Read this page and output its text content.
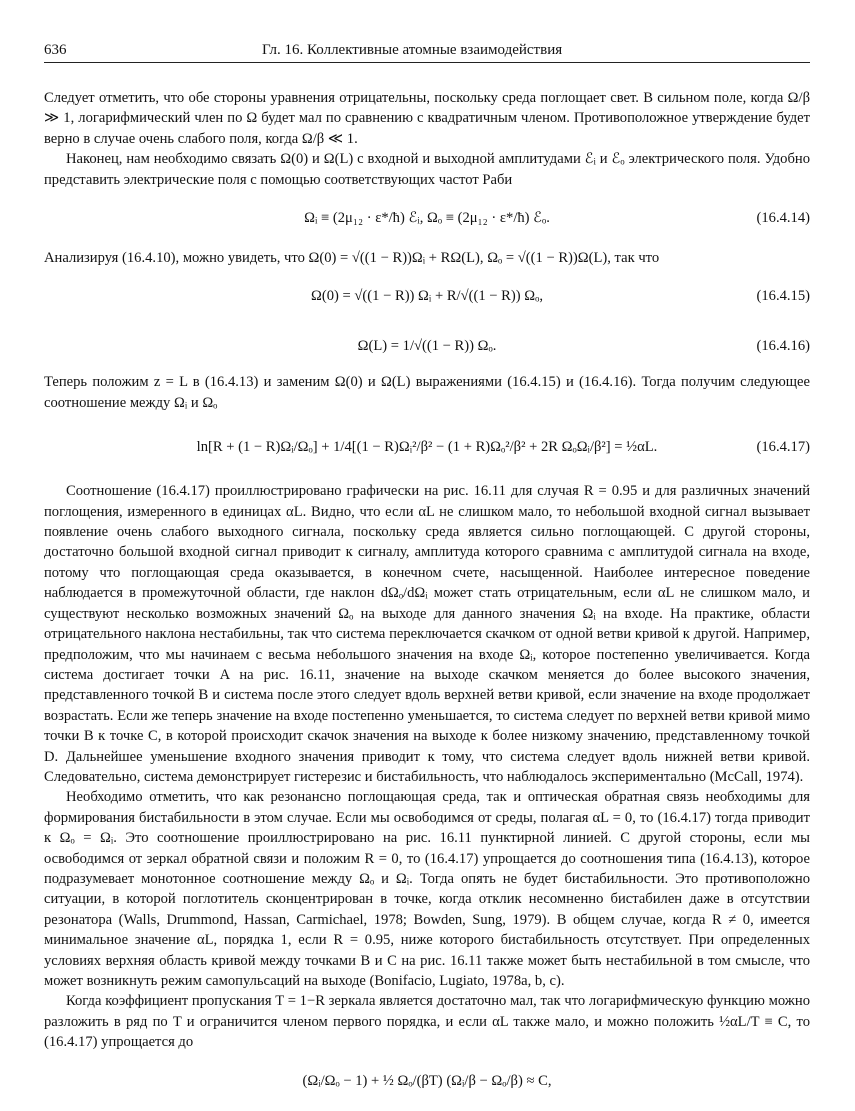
636	Гл. 16. Коллективные атомные взаимодействия

Следует отметить, что обе стороны уравнения отрицательны, поскольку среда поглощает свет. В сильном поле, когда Ω/β ≫ 1, логарифмический член по Ω будет мал по сравнению с квадратичным членом. Противоположное утверждение будет верно в случае очень слабого поля, когда Ω/β ≪ 1.

Наконец, нам необходимо связать Ω(0) и Ω(L) с входной и выходной амплитудами ℰᵢ и ℰₒ электрического поля. Удобно представить электрические поля с помощью соответствующих частот Раби

Ωᵢ ≡ (2μ₁₂ · ε*/ħ) ℰᵢ, Ωₒ ≡ (2μ₁₂ · ε*/ħ) ℰₒ.	(16.4.14)

Анализируя (16.4.10), можно увидеть, что Ω(0) = √((1 − R))Ωᵢ + RΩ(L), Ωₒ = √((1 − R))Ω(L), так что

Ω(0) = √((1 − R)) Ωᵢ + R/√((1 − R)) Ωₒ,	(16.4.15)
Ω(L) = 1/√((1 − R)) Ωₒ.	(16.4.16)

Теперь положим z = L в (16.4.13) и заменим Ω(0) и Ω(L) выражениями (16.4.15) и (16.4.16). Тогда получим следующее соотношение между Ωᵢ и Ωₒ

ln[R + (1 − R)Ωᵢ/Ωₒ] + 1/4[(1 − R)Ωᵢ²/β² − (1 + R)Ωₒ²/β² + 2R ΩₒΩᵢ/β²] = ½αL.	(16.4.17)

Соотношение (16.4.17) проиллюстрировано графически на рис. 16.11 для случая R = 0.95 и для различных значений поглощения, измеренного в единицах αL. Видно, что если αL не слишком мало, то небольшой входной сигнал вызывает появление очень слабого выходного сигнала, поскольку среда является сильно поглощающей. С другой стороны, достаточно большой входной сигнал приводит к сигналу, амплитуда которого сравнима с амплитудой сигнала на входе, потому что поглощающая среда оказывается, в конечном счете, насыщенной. Наиболее интересное поведение наблюдается в промежуточной области, где наклон dΩₒ/dΩᵢ может стать отрицательным, если αL не слишком мало, и существуют несколько возможных значений Ωₒ на выходе для данного значения Ωᵢ на входе. На практике, области отрицательного наклона нестабильны, так что система переключается скачком от одной ветви кривой к другой. Например, предположим, что мы начинаем с весьма небольшого значения на входе Ωᵢ, которое постепенно увеличивается. Когда система достигает точки A на рис. 16.11, значение на выходе скачком меняется до более высокого значения, представленного точкой B и система после этого следует вдоль верхней ветви кривой, если значение на входе продолжает возрастать. Если же теперь значение на входе постепенно уменьшается, то система следует по верхней ветви кривой мимо точки B к точке C, в которой происходит скачок значения на выходе к более низкому значению, представленному точкой D. Дальнейшее уменьшение входного значения приводит к тому, что система следует вдоль нижней ветви кривой. Следовательно, система демонстрирует гистерезис и бистабильность, что наблюдалось экспериментально (McCall, 1974).

Необходимо отметить, что как резонансно поглощающая среда, так и оптическая обратная связь необходимы для формирования бистабильности в этом случае. Если мы освободимся от среды, полагая αL = 0, то (16.4.17) тогда приводит к Ωₒ = Ωᵢ. Это соотношение проиллюстрировано на рис. 16.11 пунктирной линией. С другой стороны, если мы освободимся от зеркал обратной связи и положим R = 0, то (16.4.17) упрощается до соотношения типа (16.4.13), которое подразумевает монотонное соотношение между Ωₒ и Ωᵢ. Тогда опять не будет бистабильности. Это противоположно ситуации, в которой поглотитель сконцентрирован в точке, когда отклик несомненно бистабилен даже в отсутствии резонатора (Walls, Drummond, Hassan, Carmichael, 1978; Bowden, Sung, 1979). В общем случае, когда R ≠ 0, имеется минимальное значение αL, порядка 1, если R = 0.95, ниже которого бистабильность отсутствует. При определенных условиях верхняя область кривой между точками B и C на рис. 16.11 также может быть нестабильной в том смысле, что может возникнуть режим самопульсаций на выходе (Bonifacio, Lugiato, 1978a, b, c).

Когда коэффициент пропускания T = 1−R зеркала является достаточно мал, так что логарифмическую функцию можно разложить в ряд по T и ограничится членом первого порядка, и если αL также мало, и можно положить ½αL/T ≡ C, то (16.4.17) упрощается до

(Ωᵢ/Ωₒ − 1) + ½ Ωₒ/(βT) (Ωᵢ/β − Ωₒ/β) ≈ C,
